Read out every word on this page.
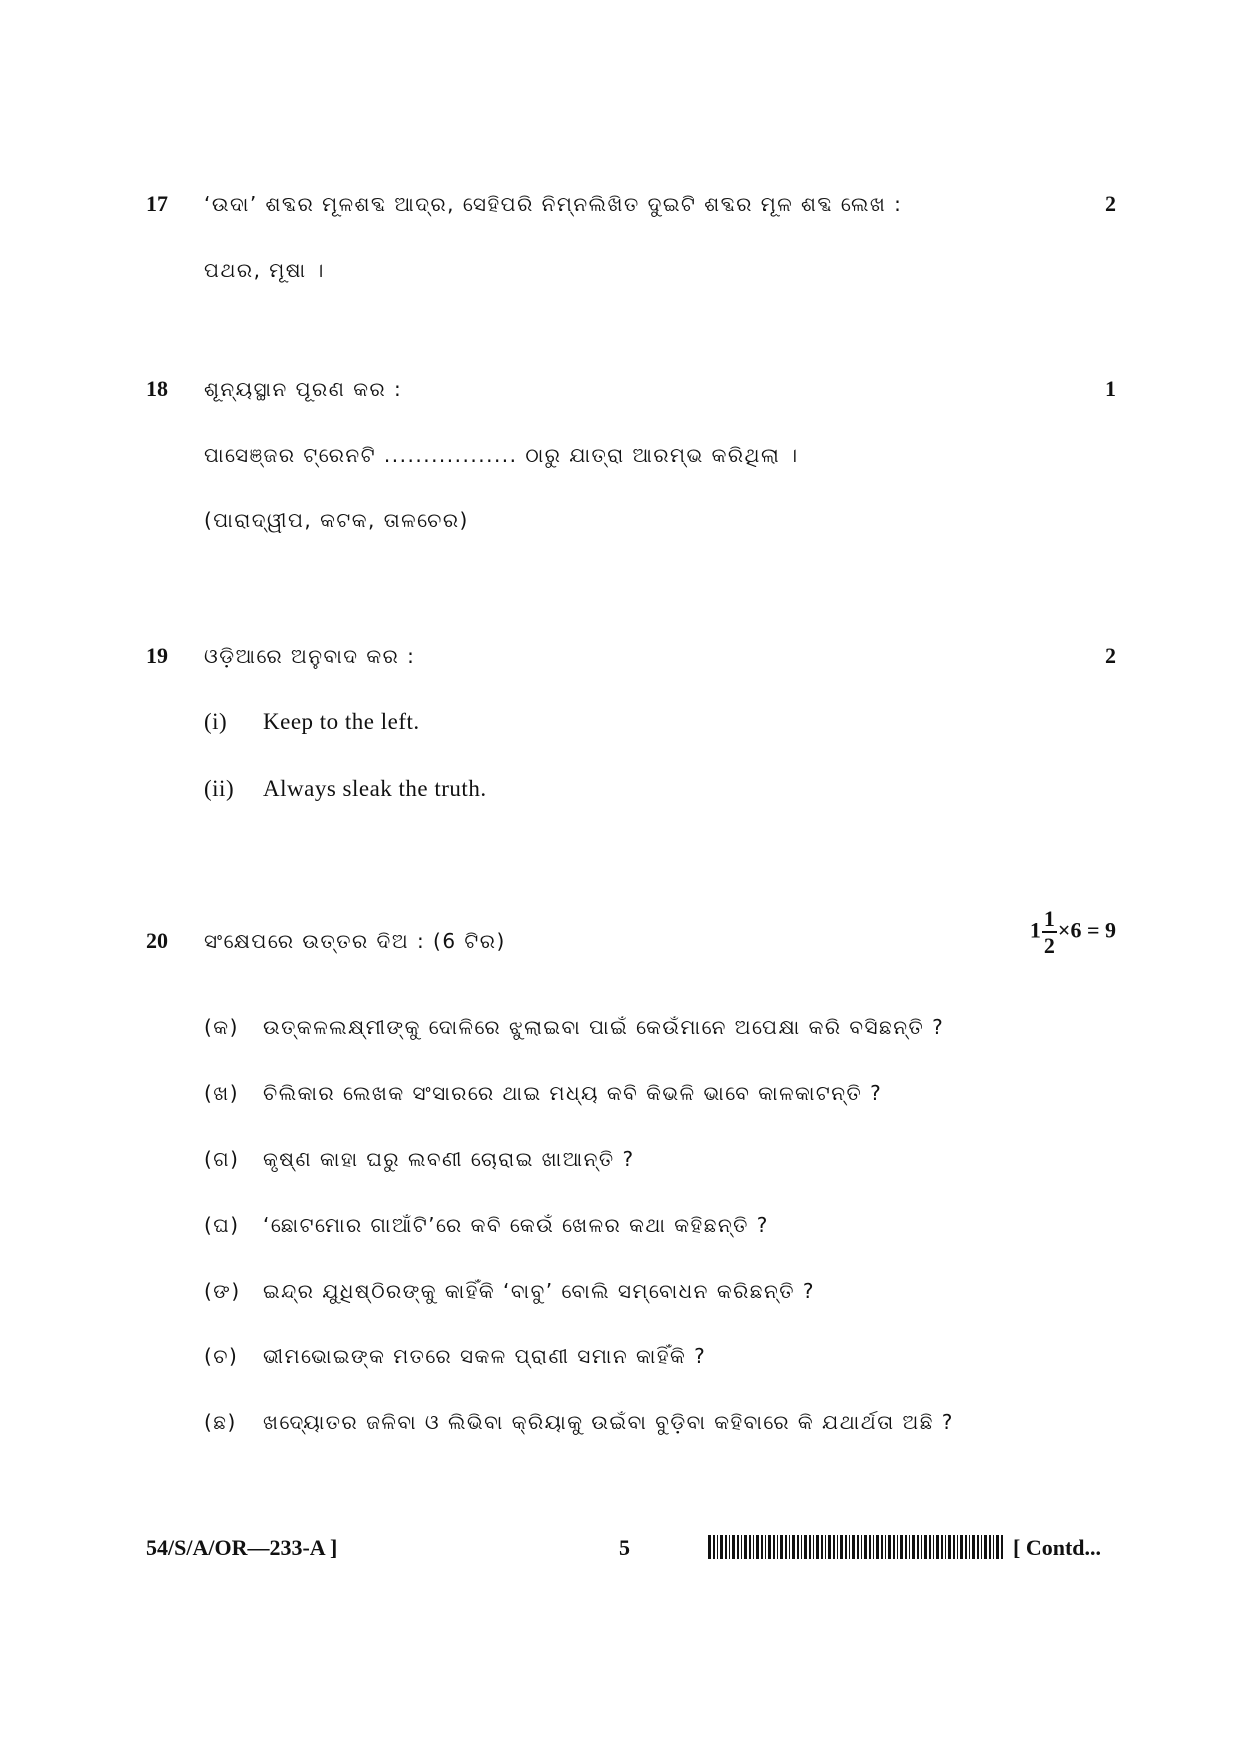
17 ‘ଉଦା’ ଶବ୍ଦର ମୂଳଶବ୍ଦ ଆଦ୍ର, ସେହିପରି ନିମ୍ନଲିଖିତ ଦୁଇଟି ଶବ୍ଦର ମୂଳ ଶବ୍ଦ ଲେଖ :	2
ପଥର, ମୂଷା ।
18 ଶୂନ୍ୟସ୍ଥାନ ପୂରଣ କର :	1
ପାସେଞ୍ଜର ଟ୍ରେନଟି ................. ଠାରୁ ଯାତ୍ରା ଆରମ୍ଭ କରିଥିଲା ।
(ପାରାଦ୍ୱୀପ, କଟକ, ତାଳଚେର)
19 ଓଡ଼ିଆରେ ଅନୁବାଦ କର :	2
(i) Keep to the left.
(ii) Always sleak the truth.
20 ସଂକ୍ଷେପରେ ଉତ୍ତର ଦିଅ : (6 ଟିର)	$1 \frac{1}{2} \times 6 = 9$
(କ) ଉତ୍କଳଲକ୍ଷ୍ମୀଙ୍କୁ ଦୋଳିରେ ଝୁଲାଇବା ପାଇଁ କେଉଁମାନେ ଅପେକ୍ଷା କରି ବସିଛନ୍ତି ?
(ଖ) ଚିଲିକାର ଲେଖକ ସଂସାରରେ ଥାଇ ମଧ୍ୟ କବି କିଭଳି ଭାବେ କାଳକାଟନ୍ତି ?
(ଗ) କୃଷ୍ଣ କାହା ଘରୁ ଲବଣୀ ଚୋରାଇ ଖାଆନ୍ତି ?
(ଘ) ‘ଛୋଟମୋର ଗାଆଁଟି’ରେ କବି କେଉଁ ଖେଳର କଥା କହିଛନ୍ତି ?
(ଙ) ଇନ୍ଦ୍ର ଯୁଧିଷ୍ଠିରଙ୍କୁ କାହିଁକି ‘ବାବୁ’ ବୋଲି ସମ୍ବୋଧନ କରିଛନ୍ତି ?
(ଚ) ଭୀମଭୋଇଙ୍କ ମତରେ ସକଳ ପ୍ରାଣୀ ସମାନ କାହିଁକି ?
(ଛ) ଖଦ୍ୟୋତର ଜଳିବା ଓ ଲିଭିବା କ୍ରିୟାକୁ ଉଇଁବା ବୁଡ଼ିବା କହିବାରେ କି ଯଥାର୍ଥତା ଅଛି ?
54/S/A/OR—233-A ]	5	[ Contd...
